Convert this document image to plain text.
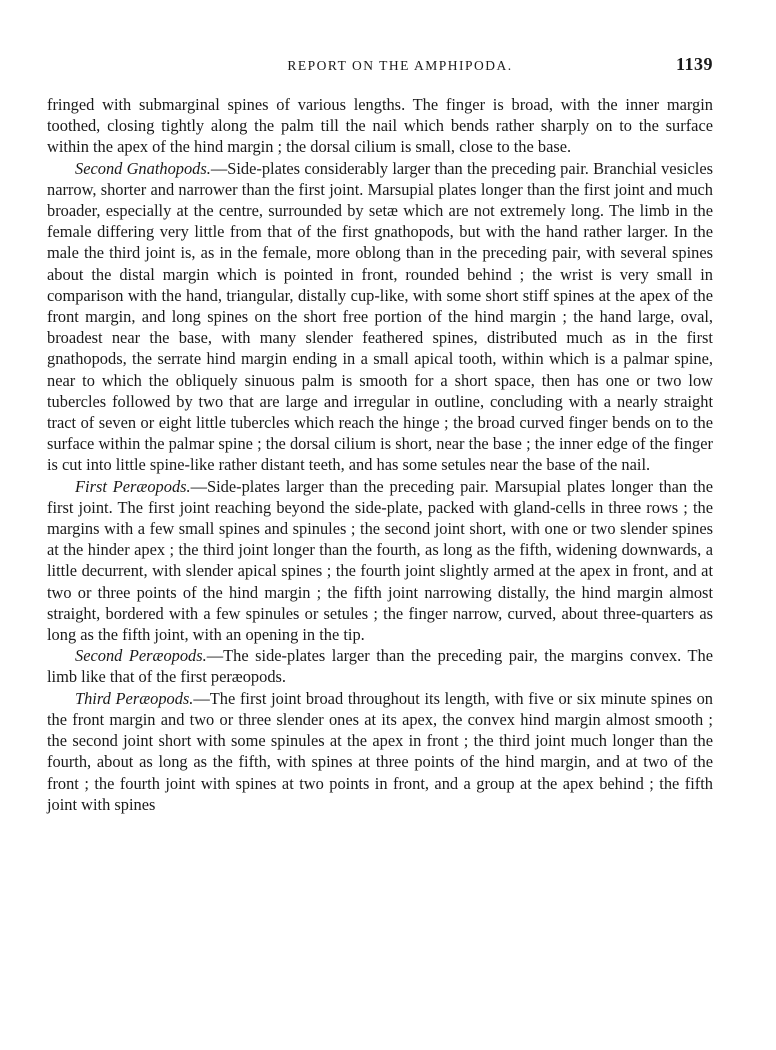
REPORT ON THE AMPHIPODA.	1139

fringed with submarginal spines of various lengths. The finger is broad, with the inner margin toothed, closing tightly along the palm till the nail which bends rather sharply on to the surface within the apex of the hind margin ; the dorsal cilium is small, close to the base.

Second Gnathopods.—Side-plates considerably larger than the preceding pair. Branchial vesicles narrow, shorter and narrower than the first joint. Marsupial plates longer than the first joint and much broader, especially at the centre, surrounded by setæ which are not extremely long. The limb in the female differing very little from that of the first gnathopods, but with the hand rather larger. In the male the third joint is, as in the female, more oblong than in the preceding pair, with several spines about the distal margin which is pointed in front, rounded behind ; the wrist is very small in comparison with the hand, triangular, distally cup-like, with some short stiff spines at the apex of the front margin, and long spines on the short free portion of the hind margin ; the hand large, oval, broadest near the base, with many slender feathered spines, distributed much as in the first gnathopods, the serrate hind margin ending in a small apical tooth, within which is a palmar spine, near to which the obliquely sinuous palm is smooth for a short space, then has one or two low tubercles followed by two that are large and irregular in outline, concluding with a nearly straight tract of seven or eight little tubercles which reach the hinge ; the broad curved finger bends on to the surface within the palmar spine ; the dorsal cilium is short, near the base ; the inner edge of the finger is cut into little spine-like rather distant teeth, and has some setules near the base of the nail.

First Peræopods.—Side-plates larger than the preceding pair. Marsupial plates longer than the first joint. The first joint reaching beyond the side-plate, packed with gland-cells in three rows ; the margins with a few small spines and spinules ; the second joint short, with one or two slender spines at the hinder apex ; the third joint longer than the fourth, as long as the fifth, widening downwards, a little decurrent, with slender apical spines ; the fourth joint slightly armed at the apex in front, and at two or three points of the hind margin ; the fifth joint narrowing distally, the hind margin almost straight, bordered with a few spinules or setules ; the finger narrow, curved, about three-quarters as long as the fifth joint, with an opening in the tip.

Second Peræopods.—The side-plates larger than the preceding pair, the margins convex. The limb like that of the first peræopods.

Third Peræopods.—The first joint broad throughout its length, with five or six minute spines on the front margin and two or three slender ones at its apex, the convex hind margin almost smooth ; the second joint short with some spinules at the apex in front ; the third joint much longer than the fourth, about as long as the fifth, with spines at three points of the hind margin, and at two of the front ; the fourth joint with spines at two points in front, and a group at the apex behind ; the fifth joint with spines
